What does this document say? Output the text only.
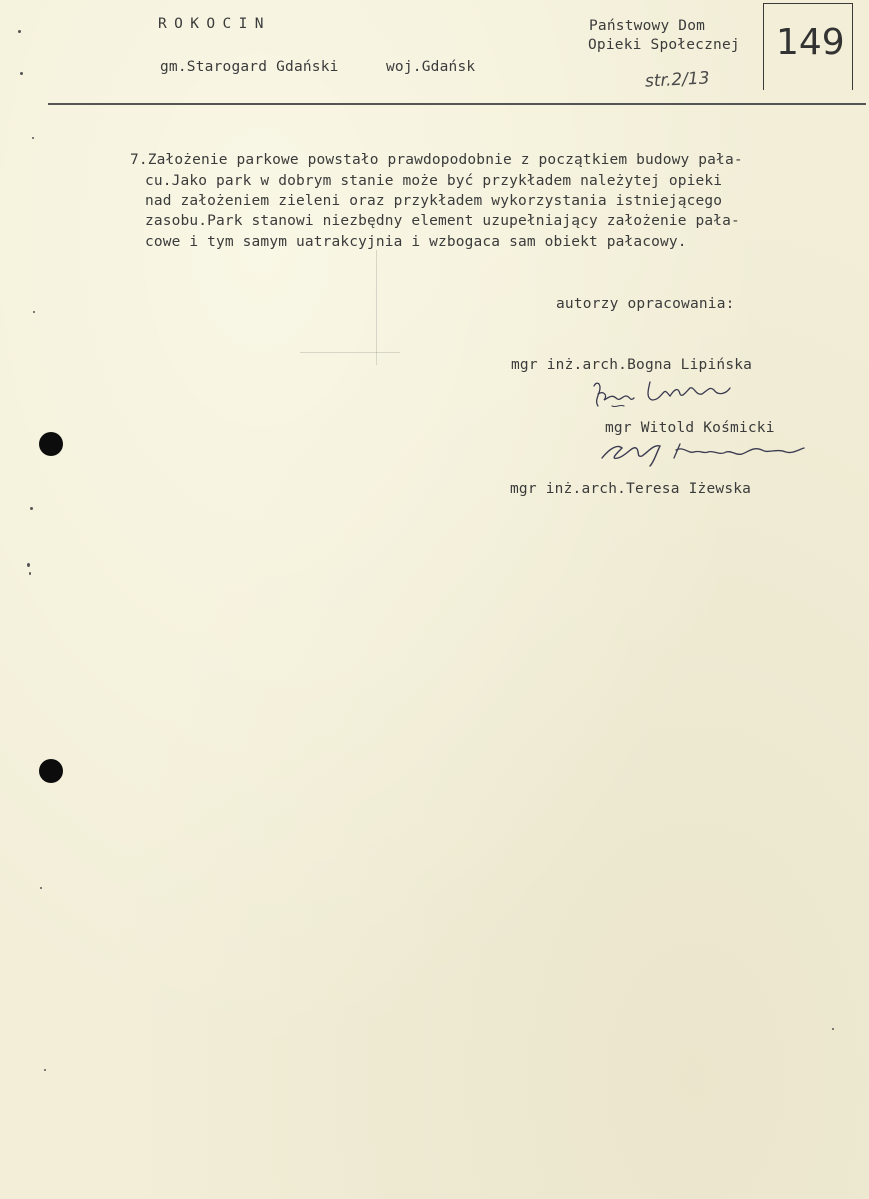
ROKOCIN
gm.Starogard Gdański	woj.Gdańsk
Państwowy Dom
Opieki Społecznej
str.2/13
149
7.Założenie parkowe powstało prawdopodobnie z początkiem budowy pała-
cu.Jako park w dobrym stanie może być przykładem należytej opieki
nad założeniem zieleni oraz przykładem wykorzystania istniejącego
zasobu.Park stanowi niezbędny element uzupełniający założenie pała-
cowe i tym samym uatrakcyjnia i wzbogaca sam obiekt pałacowy.
autorzy opracowania:
mgr inż.arch.Bogna Lipińska
mgr Witold Kośmicki
mgr inż.arch.Teresa Iżewska
